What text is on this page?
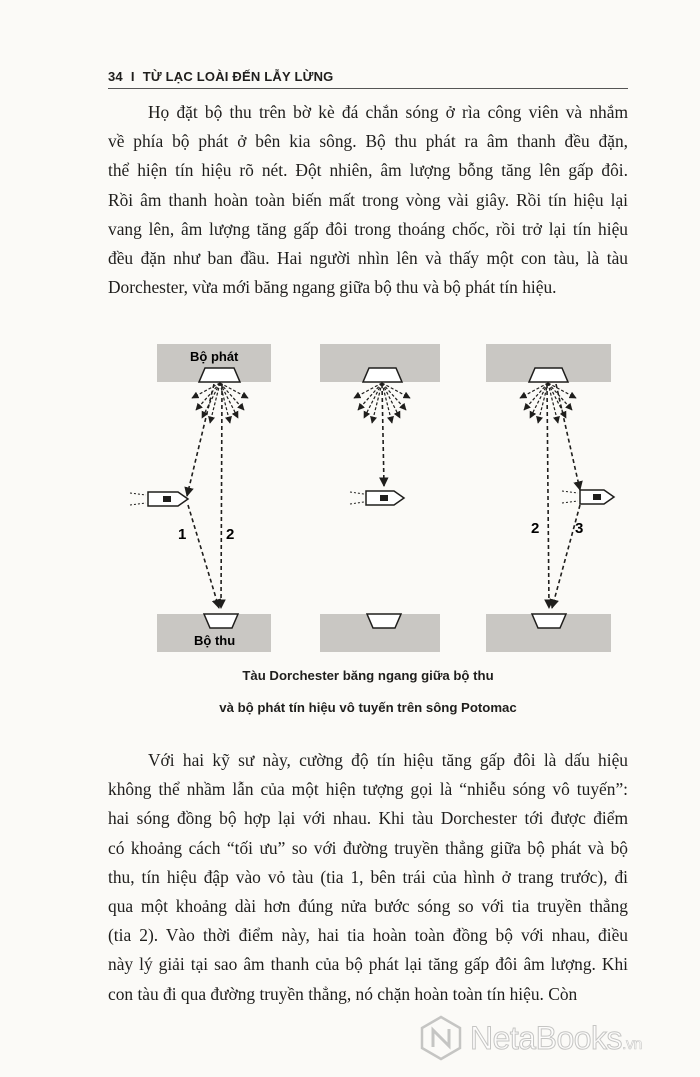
34 I TỪ LẠC LOÀI ĐẾN LẪY LỪNG
Họ đặt bộ thu trên bờ kè đá chắn sóng ở rìa công viên và nhắm
về phía bộ phát ở bên kia sông. Bộ thu phát ra âm thanh đều đặn,
thể hiện tín hiệu rõ nét. Đột nhiên, âm lượng bỗng tăng lên gấp đôi.
Rồi âm thanh hoàn toàn biến mất trong vòng vài giây. Rồi tín hiệu lại
vang lên, âm lượng tăng gấp đôi trong thoáng chốc, rồi trở lại tín hiệu
đều đặn như ban đầu. Hai người nhìn lên và thấy một con tàu, là tàu
Dorchester, vừa mới băng ngang giữa bộ thu và bộ phát tín hiệu.
Bộ phát
Bộ thu
1	2	2 3
Tàu Dorchester băng ngang giữa bộ thu
và bộ phát tín hiệu vô tuyến trên sông Potomac
Với hai kỹ sư này, cường độ tín hiệu tăng gấp đôi là dấu hiệu
không thể nhầm lẫn của một hiện tượng gọi là “nhiễu sóng vô tuyến”:
hai sóng đồng bộ hợp lại với nhau. Khi tàu Dorchester tới được điểm
có khoảng cách “tối ưu” so với đường truyền thẳng giữa bộ phát và bộ
thu, tín hiệu đập vào vỏ tàu (tia 1, bên trái của hình ở trang trước), đi
qua một khoảng dài hơn đúng nửa bước sóng so với tia truyền thẳng
(tia 2). Vào thời điểm này, hai tia hoàn toàn đồng bộ với nhau, điều
này lý giải tại sao âm thanh của bộ phát lại tăng gấp đôi âm lượng. Khi
con tàu đi qua đường truyền thẳng, nó chặn hoàn toàn tín hiệu. Còn
NetaBooks.vn
